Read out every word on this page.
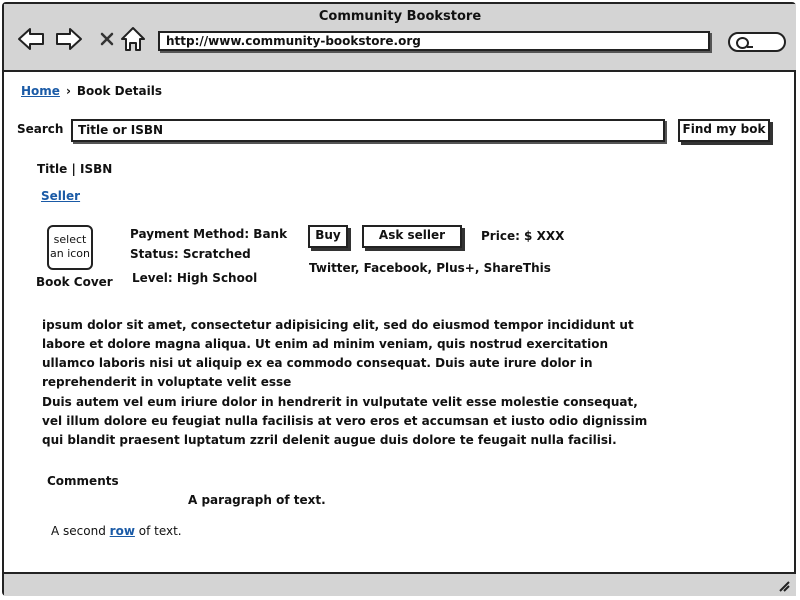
Community Bookstore
http://www.community-bookstore.org
Home › Book Details
Search	Title or ISBN	Find my bok
Title | ISBN
Seller
select an icon
Book Cover
Payment Method: Bank
Status: Scratched
Level: High School
Buy	Ask seller	Price: $ XXX
Twitter, Facebook, Plus+, ShareThis
ipsum dolor sit amet, consectetur adipisicing elit, sed do eiusmod tempor incididunt ut labore et dolore magna aliqua. Ut enim ad minim veniam, quis nostrud exercitation ullamco laboris nisi ut aliquip ex ea commodo consequat. Duis aute irure dolor in reprehenderit in voluptate velit esse
Duis autem vel eum iriure dolor in hendrerit in vulputate velit esse molestie consequat, vel illum dolore eu feugiat nulla facilisis at vero eros et accumsan et iusto odio dignissim qui blandit praesent luptatum zzril delenit augue duis dolore te feugait nulla facilisi.
Comments
A paragraph of text.
A second row of text.
